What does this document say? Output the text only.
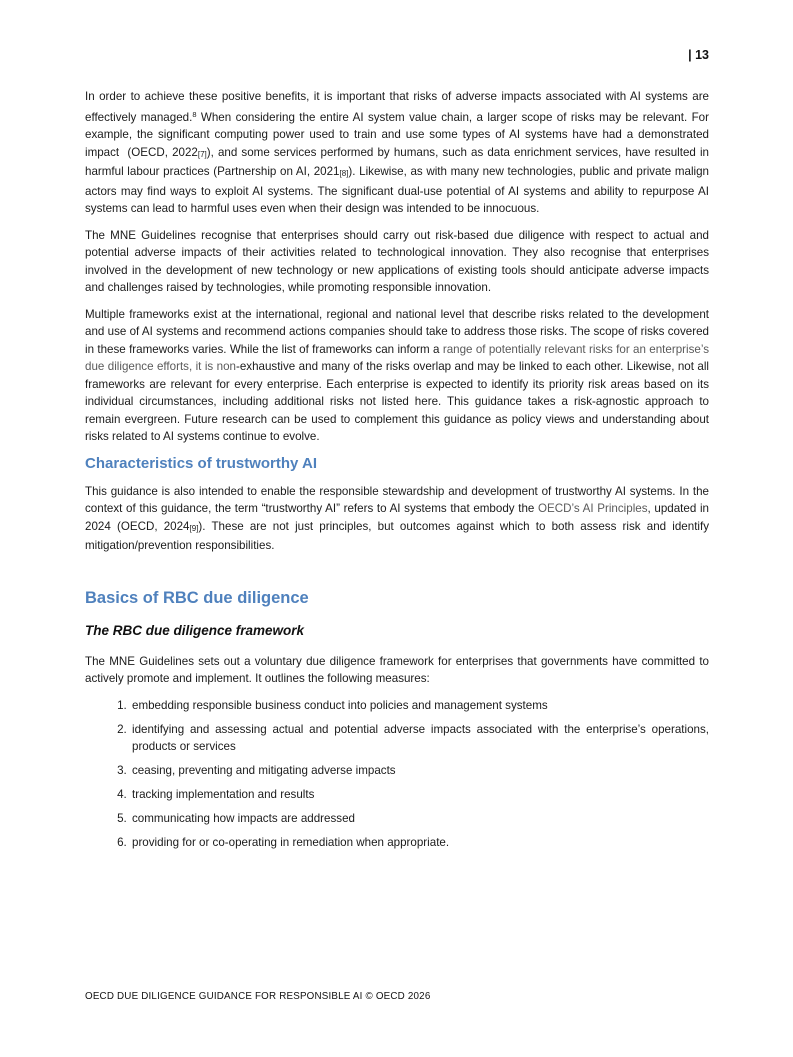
| 13

In order to achieve these positive benefits, it is important that risks of adverse impacts associated with AI systems are effectively managed.$^8$ When considering the entire AI system value chain, a larger scope of risks may be relevant. For example, the significant computing power used to train and use some types of AI systems have had a demonstrated impact  (OECD, 2022[7]), and some services performed by humans, such as data enrichment services, have resulted in harmful labour practices (Partnership on AI, 2021[8]). Likewise, as with many new technologies, public and private malign actors may find ways to exploit AI systems. The significant dual-use potential of AI systems and ability to repurpose AI systems can lead to harmful uses even when their design was intended to be innocuous.

The MNE Guidelines recognise that enterprises should carry out risk-based due diligence with respect to actual and potential adverse impacts of their activities related to technological innovation. They also recognise that enterprises involved in the development of new technology or new applications of existing tools should anticipate adverse impacts and challenges raised by technologies, while promoting responsible innovation.

Multiple frameworks exist at the international, regional and national level that describe risks related to the development and use of AI systems and recommend actions companies should take to address those risks. The scope of risks covered in these frameworks varies. While the list of frameworks can inform a range of potentially relevant risks for an enterprise’s due diligence efforts, it is non-exhaustive and many of the risks overlap and may be linked to each other. Likewise, not all frameworks are relevant for every enterprise. Each enterprise is expected to identify its priority risk areas based on its individual circumstances, including additional risks not listed here. This guidance takes a risk-agnostic approach to remain evergreen. Future research can be used to complement this guidance as policy views and understanding about risks related to AI systems continue to evolve.

Characteristics of trustworthy AI

This guidance is also intended to enable the responsible stewardship and development of trustworthy AI systems. In the context of this guidance, the term “trustworthy AI” refers to AI systems that embody the OECD’s AI Principles, updated in 2024 (OECD, 2024[9]). These are not just principles, but outcomes against which to both assess risk and identify mitigation/prevention responsibilities.

Basics of RBC due diligence
The RBC due diligence framework

The MNE Guidelines sets out a voluntary due diligence framework for enterprises that governments have committed to actively promote and implement. It outlines the following measures:

1. embedding responsible business conduct into policies and management systems
2. identifying and assessing actual and potential adverse impacts associated with the enterprise’s operations, products or services
3. ceasing, preventing and mitigating adverse impacts
4. tracking implementation and results
5. communicating how impacts are addressed
6. providing for or co-operating in remediation when appropriate.
OECD DUE DILIGENCE GUIDANCE FOR RESPONSIBLE AI © OECD 2026
